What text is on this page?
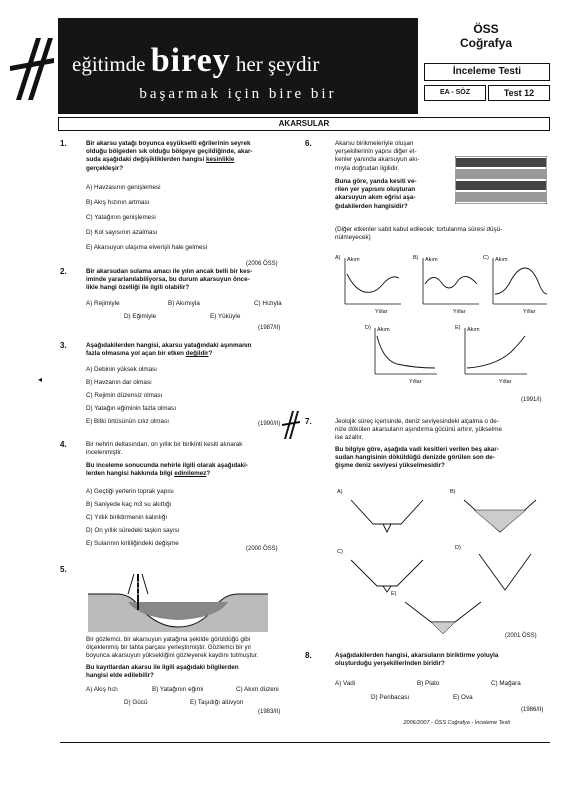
eğitimde birey her şeydir
başarmak için bire bir
ÖSS
Coğrafya
İnceleme Testi
EA - SÖZ	Test 12
AKARSULAR
1.	Bir akarsu yatağı boyunca eşyükselti eğrilerinin seyrek
olduğu bölgeden sık olduğu bölgeye geçildiğinde, akar-
suda aşağıdaki değişikliklerden hangisi kesinlikle
gerçekleşir?
A) Havzasının genişlemesi
B) Akış hızının artması
C) Yatağının genişlemesi
D) Kol sayısının azalması
E) Akarsuyun ulaşıma elverişli hale gelmesi
(2006 ÖSS)
2.	Bir akarsudan sulama amacı ile yılın ancak belli bir kes-
iminde yararlanılabiliyorsa, bu durum akarsuyun önce-
likle hangi özelliği ile ilgili olabilir?
A) Rejimiyle	B) Akımıyla	C) Hızıyla
D) Eğimiyle	E) Yüküyle
(1987/II)
3.	Aşağıdakilerden hangisi, akarsu yatağındaki aşınmanın
fazla olmasına yol açan bir etken değildir?
A) Debinin yüksek olması
B) Havzanın dar olması
C) Rejimin düzensiz olması
D) Yatağın eğiminin fazla olması
E) Bitki örtüsünün cılız olması	(1990/II)
4.	Bir nehrin deltasından, on yıllık bir birikinti kesiti alınarak
incelenmiştir.
Bu inceleme sonucunda nehirle ilgili olarak aşağıdaki-
lerden hangisi hakkında bilgi edinilemez?
A) Geçtiği yerlerin toprak yapısı
B) Saniyede kaç m3 su akıttığı
C) Yıllık biriktirmenin kalınlığı
D) On yıllık süredeki taşkın sayısı
E) Sularının kirliliğindeki değişme
(2000 ÖSS)
5.
Bir gözlemci, bir akarsuyun yatağına şekilde görüldüğü gibi
ölçeklenmiş bir tahta parçası yerleştirmiştir. Gözlemci bir yıl
boyunca akarsuyun yüksekliğini gözleyerek kaydını tutmuştur.
Bu kayıtlardan akarsu ile ilgili aşağıdaki bilgilerden
hangisi elde edilebilir?
A) Akış hızı	B) Yatağının eğimi	C) Akım düzeni
D) Gücü	E) Taşıdığı alüvyon
(1983/II)
6.	Akarsu birikmeleriyle oluşan
yerşekillerinin yapısı diğer et-
kenler yanında akarsuyun akı-
mıyla doğrudan ilgilidir.
Buna göre, yanda kesiti ve-
rilen yer yapısını oluşturan
akarsuyun akım eğrisi aşa-
ğıdakilerden hangisidir?
(Diğer etkenler sabit kabul edilecek; tortulanma süresi düşü-
nülmeyecek)
A) Akım
Yıllar
B) Akım
Yıllar
C) Akım
Yıllar
D) Akım
Yıllar
E) Akım
Yıllar
(1991/I)
7.	Jeolojik süreç içerisinde, deniz seviyesindeki alçalma o de-
nize dökülen akarsuların aşındırma gücünü artırır, yükselme
ise azaltır.
Bu bilgiye göre, aşağıda vadi kesitleri verilen beş akar-
sudan hangisinin döküldüğü denizde görülen son de-
ğişme deniz seviyesi yükselmesidir?
A)	B)
C)
D)
E)
(2001 ÖSS)
8.	Aşağıdakilerden hangisi, akarsuların biriktirme yoluyla
oluşturduğu yerşekillerinden biridir?
A) Vadi	B) Plato	C) Mağara
D) Peribacası	E) Ova
(1986/II)
◂
2006/2007 - ÖSS Coğrafya - İnceleme Testi
